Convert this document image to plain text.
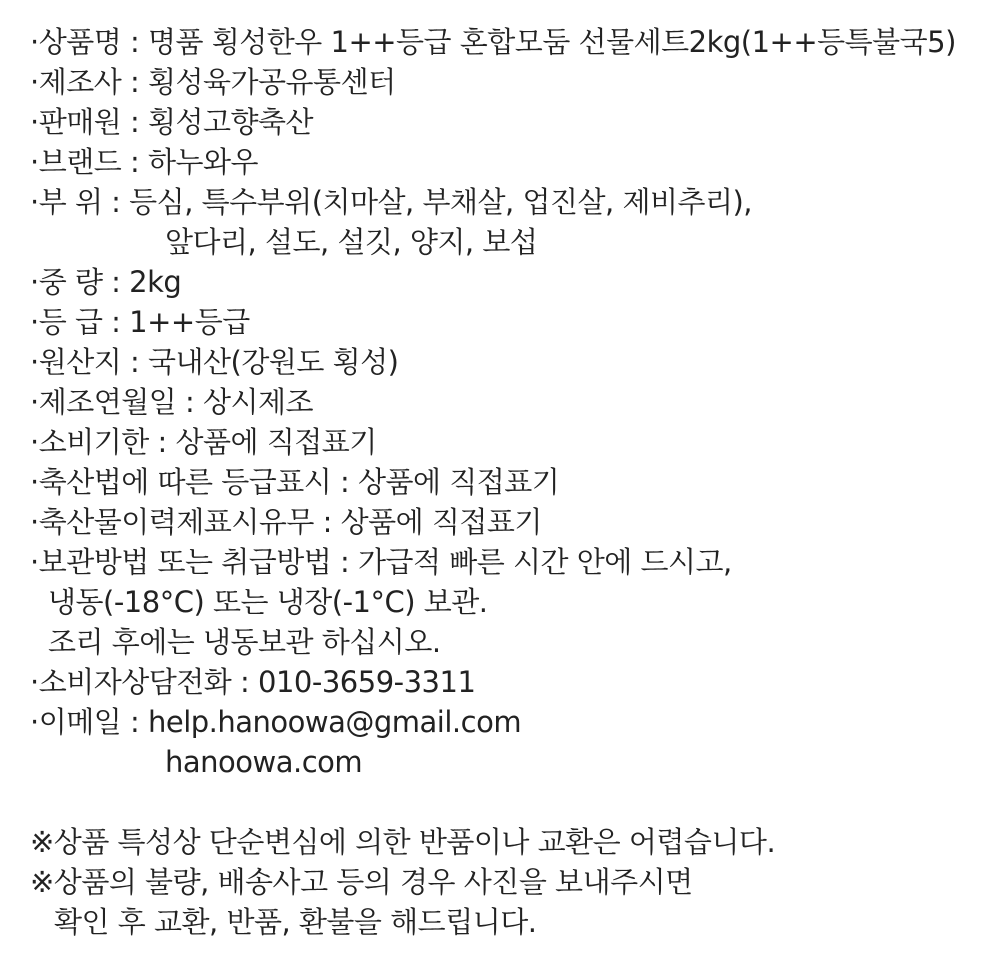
·상품명 : 명품 횡성한우 1++등급 혼합모둠 선물세트2kg(1++등특불국5)
·제조사 : 횡성육가공유통센터
·판매원 : 횡성고향축산
·브랜드 : 하누와우
·부 위 : 등심, 특수부위(치마살, 부채살, 업진살, 제비추리),
앞다리, 설도, 설깃, 양지, 보섭
·중 량 : 2kg
·등 급 : 1++등급
·원산지 : 국내산(강원도 횡성)
·제조연월일 : 상시제조
·소비기한 : 상품에 직접표기
·축산법에 따른 등급표시 : 상품에 직접표기
·축산물이력제표시유무 : 상품에 직접표기
·보관방법 또는 취급방법 : 가급적 빠른 시간 안에 드시고,
냉동(-18°C) 또는 냉장(-1°C) 보관.
조리 후에는 냉동보관 하십시오.
·소비자상담전화 : 010-3659-3311
·이메일 : help.hanoowa@gmail.com
hanoowa.com
※상품 특성상 단순변심에 의한 반품이나 교환은 어렵습니다.
※상품의 불량, 배송사고 등의 경우 사진을 보내주시면
확인 후 교환, 반품, 환불을 해드립니다.
